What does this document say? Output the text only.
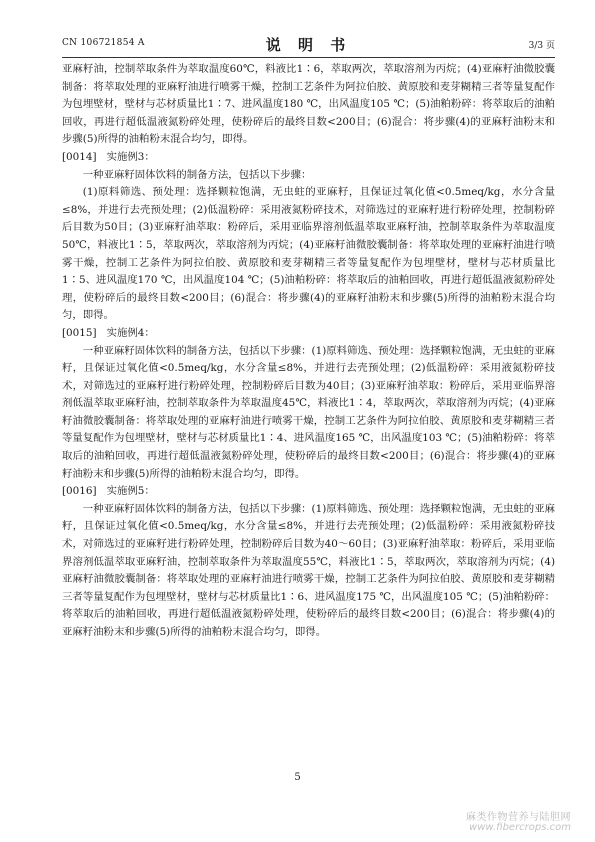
CN 106721854 A	说 明 书	3/3 页

亚麻籽油，控制萃取条件为萃取温度60℃，料液比1∶6，萃取两次，萃取溶剂为丙烷；(4)亚麻籽油微胶囊制备：将萃取处理的亚麻籽油进行喷雾干燥，控制工艺条件为阿拉伯胶、黄原胶和麦芽糊精三者等量复配作为包埋壁材，壁材与芯材质量比1∶7、进风温度180 ℃，出风温度105 ℃；(5)油粕粉碎：将萃取后的油粕回收，再进行超低温液氮粉碎处理，使粉碎后的最终目数<200目；(6)混合：将步骤(4)的亚麻籽油粉末和步骤(5)所得的油粕粉末混合均匀，即得。

[0014] 实施例3：

一种亚麻籽固体饮料的制备方法，包括以下步骤：

(1)原料筛选、预处理：选择颗粒饱满，无虫蛀的亚麻籽，且保证过氧化值<0.5meq/kg，水分含量≤8%，并进行去壳预处理；(2)低温粉碎：采用液氮粉碎技术，对筛选过的亚麻籽进行粉碎处理，控制粉碎后目数为50目；(3)亚麻籽油萃取：粉碎后，采用亚临界溶剂低温萃取亚麻籽油，控制萃取条件为萃取温度50℃，料液比1∶5，萃取两次，萃取溶剂为丙烷；(4)亚麻籽油微胶囊制备：将萃取处理的亚麻籽油进行喷雾干燥，控制工艺条件为阿拉伯胶、黄原胶和麦芽糊精三者等量复配作为包埋壁材，壁材与芯材质量比1∶5、进风温度170 ℃，出风温度104 ℃；(5)油粕粉碎：将萃取后的油粕回收，再进行超低温液氮粉碎处理，使粉碎后的最终目数<200目；(6)混合：将步骤(4)的亚麻籽油粉末和步骤(5)所得的油粕粉末混合均匀，即得。

[0015] 实施例4：

一种亚麻籽固体饮料的制备方法，包括以下步骤：(1)原料筛选、预处理：选择颗粒饱满，无虫蛀的亚麻籽，且保证过氧化值<0.5meq/kg，水分含量≤8%，并进行去壳预处理；(2)低温粉碎：采用液氮粉碎技术，对筛选过的亚麻籽进行粉碎处理，控制粉碎后目数为40目；(3)亚麻籽油萃取：粉碎后，采用亚临界溶剂低温萃取亚麻籽油，控制萃取条件为萃取温度45℃，料液比1∶4，萃取两次，萃取溶剂为丙烷；(4)亚麻籽油微胶囊制备：将萃取处理的亚麻籽油进行喷雾干燥，控制工艺条件为阿拉伯胶、黄原胶和麦芽糊精三者等量复配作为包埋壁材，壁材与芯材质量比1∶4、进风温度165 ℃，出风温度103 ℃；(5)油粕粉碎：将萃取后的油粕回收，再进行超低温液氮粉碎处理，使粉碎后的最终目数<200目；(6)混合：将步骤(4)的亚麻籽油粉末和步骤(5)所得的油粕粉末混合均匀，即得。

[0016] 实施例5：

一种亚麻籽固体饮料的制备方法，包括以下步骤：(1)原料筛选、预处理：选择颗粒饱满，无虫蛀的亚麻籽，且保证过氧化值<0.5meq/kg，水分含量≤8%，并进行去壳预处理；(2)低温粉碎：采用液氮粉碎技术，对筛选过的亚麻籽进行粉碎处理，控制粉碎后目数为40～60目；(3)亚麻籽油萃取：粉碎后，采用亚临界溶剂低温萃取亚麻籽油，控制萃取条件为萃取温度55℃，料液比1∶5，萃取两次，萃取溶剂为丙烷；(4)亚麻籽油微胶囊制备：将萃取处理的亚麻籽油进行喷雾干燥，控制工艺条件为阿拉伯胶、黄原胶和麦芽糊精三者等量复配作为包埋壁材，壁材与芯材质量比1∶6、进风温度175 ℃，出风温度105 ℃；(5)油粕粉碎：将萃取后的油粕回收，再进行超低温液氮粉碎处理，使粉碎后的最终目数<200目；(6)混合：将步骤(4)的亚麻籽油粉末和步骤(5)所得的油粕粉末混合均匀，即得。

5
麻类作物营养与陆胆网
www.fibercrops.com
